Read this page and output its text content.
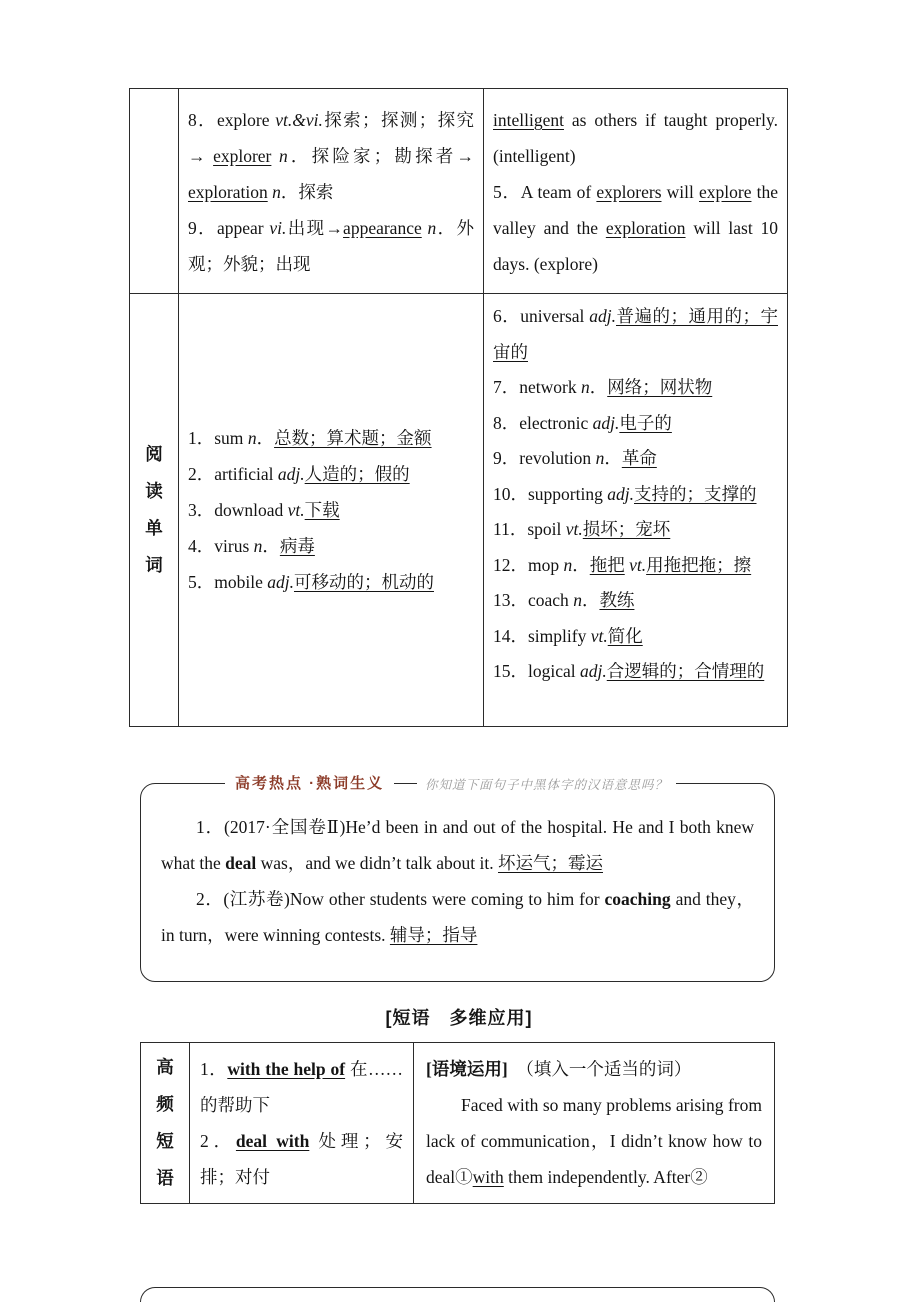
8．explore vt.&vi.探索；探测；探究 → explorer n．探险家；勘探者→ exploration n．探索
9．appear vi.出现→appearance n．外观；外貌；出现
intelligent as others if taught properly. (intelligent)
5．A team of explorers will explore the valley and the exploration will last 10 days. (explore)
阅读单词
1．sum n．总数；算术题；金额
2．artificial adj.人造的；假的
3．download vt.下载
4．virus n．病毒
5．mobile adj.可移动的；机动的
6．universal adj.普遍的；通用的；宇宙的
7．network n．网络；网状物
8．electronic adj.电子的
9．revolution n．革命
10．supporting adj.支持的；支撑的
11．spoil vt.损坏；宠坏
12．mop n．拖把 vt.用拖把拖；擦
13．coach n．教练
14．simplify vt.简化
15．logical adj.合逻辑的；合情理的
高考热点 ·熟词生义	你知道下面句子中黑体字的汉语意思吗？
1．(2017·全国卷Ⅱ)He’d been in and out of the hospital. He and I both knew what the deal was，and we didn’t talk about it. 坏运气；霉运
2．(江苏卷)Now other students were coming to him for coaching and they，in turn，were winning contests. 辅导；指导
[短语　多维应用]
高频短语
1．with the help of 在……的帮助下
2．deal with 处理；安排；对付
[语境运用]　（填入一个适当的词）
Faced with so many problems arising from lack of communication，I didn’t know how to deal①with them independently. After②
